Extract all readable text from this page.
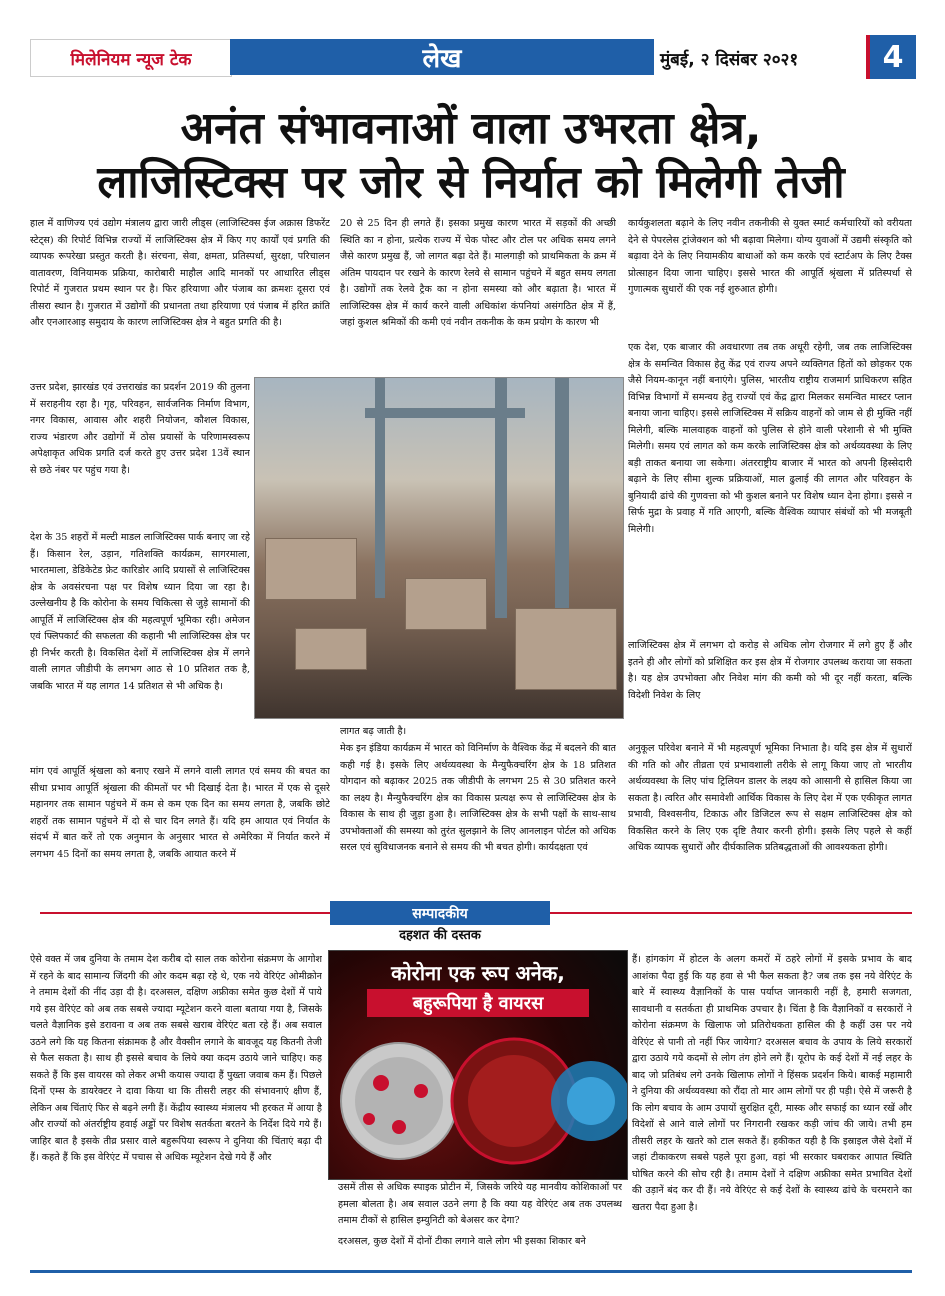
मिलेनियम न्यूज टेक	लेख	मुंबई, २ दिसंबर २०२१	4
अनंत संभावनाओं वाला उभरता क्षेत्र,
लाजिस्टिक्स पर जोर से निर्यात को मिलेगी तेजी

हाल में वाणिज्य एवं उद्योग मंत्रालय द्वारा जारी लीड्स (लाजिस्टिक्स ईज अक्रास डिफरेंट स्टेट्स) की रिपोर्ट विभिन्न राज्यों में लाजिस्टिक्स क्षेत्र में किए गए कार्यों एवं प्रगति की व्यापक रूपरेखा प्रस्तुत करती है। संरचना, सेवा, क्षमता, प्रतिस्पर्धा, सुरक्षा, परिचालन वातावरण, विनियामक प्रक्रिया, कारोबारी माहौल आदि मानकों पर आधारित लीड्स रिपोर्ट में गुजरात प्रथम स्थान पर है। फिर हरियाणा और पंजाब का क्रमशः दूसरा एवं तीसरा स्थान है। गुजरात में उद्योगों की प्रधानता तथा हरियाणा एवं पंजाब में हरित क्रांति और एनआरआइ समुदाय के कारण लाजिस्टिक्स क्षेत्र ने बहुत प्रगति की है।

उत्तर प्रदेश, झारखंड एवं उत्तराखंड का प्रदर्शन 2019 की तुलना में सराहनीय रहा है। गृह, परिवहन, सार्वजनिक निर्माण विभाग, नगर विकास, आवास और शहरी नियोजन, कौशल विकास, राज्य भंडारण और उद्योगों में ठोस प्रयासों के परिणामस्वरूप अपेक्षाकृत अधिक प्रगति दर्ज करते हुए उत्तर प्रदेश 13वें स्थान से छठे नंबर पर पहुंच गया है।

देश के 35 शहरों में मल्टी माडल लाजिस्टिक्स पार्क बनाए जा रहे हैं। किसान रेल, उड़ान, गतिशक्ति कार्यक्रम, सागरमाला, भारतमाला, डेडिकेटेड फ्रेट कारिडोर आदि प्रयासों से लाजिस्टिक्स क्षेत्र के अवसंरचना पक्ष पर विशेष ध्यान दिया जा रहा है। उल्लेखनीय है कि कोरोना के समय चिकित्सा से जुड़े सामानों की आपूर्ति में लाजिस्टिक्स क्षेत्र की महत्वपूर्ण भूमिका रही। अमेजन एवं फ्लिपकार्ट की सफलता की कहानी भी लाजिस्टिक्स क्षेत्र पर ही निर्भर करती है। विकसित देशों में लाजिस्टिक्स क्षेत्र में लगने वाली लागत जीडीपी के लगभग आठ से 10 प्रतिशत तक है, जबकि भारत में यह लागत 14 प्रतिशत से भी अधिक है।

मांग एवं आपूर्ति श्रृंखला को बनाए रखने में लगने वाली लागत एवं समय की बचत का सीधा प्रभाव आपूर्ति श्रृंखला की कीमतों पर भी दिखाई देता है। भारत में एक से दूसरे महानगर तक सामान पहुंचने में कम से कम एक दिन का समय लगता है, जबकि छोटे शहरों तक सामान पहुंचने में दो से चार दिन लगते हैं। यदि हम आयात एवं निर्यात के संदर्भ में बात करें तो एक अनुमान के अनुसार भारत से अमेरिका में निर्यात करने में लगभग 45 दिनों का समय लगता है, जबकि आयात करने में

20 से 25 दिन ही लगते हैं। इसका प्रमुख कारण भारत में सड़कों की अच्छी स्थिति का न होना, प्रत्येक राज्य में चेक पोस्ट और टोल पर अधिक समय लगने जैसे कारण प्रमुख हैं, जो लागत बढ़ा देते हैं। मालगाड़ी को प्राथमिकता के क्रम में अंतिम पायदान पर रखने के कारण रेलवे से सामान पहुंचने में बहुत समय लगता है। उद्योगों तक रेलवे ट्रैक का न होना समस्या को और बढ़ाता है। भारत में लाजिस्टिक्स क्षेत्र में कार्य करने वाली अधिकांश कंपनियां असंगठित क्षेत्र में हैं, जहां कुशल श्रमिकों की कमी एवं नवीन तकनीक के कम प्रयोग के कारण भी

लागत बढ़ जाती है।

मेक इन इंडिया कार्यक्रम में भारत को विनिर्माण के वैश्विक केंद्र में बदलने की बात कही गई है। इसके लिए अर्थव्यवस्था के मैन्युफैक्चरिंग क्षेत्र के 18 प्रतिशत योगदान को बढ़ाकर 2025 तक जीडीपी के लगभग 25 से 30 प्रतिशत करने का लक्ष्य है। मैन्युफैक्चरिंग क्षेत्र का विकास प्रत्यक्ष रूप से लाजिस्टिक्स क्षेत्र के विकास के साथ ही जुड़ा हुआ है। लाजिस्टिक्स क्षेत्र के सभी पक्षों के साथ-साथ उपभोक्ताओं की समस्या को तुरंत सुलझाने के लिए आनलाइन पोर्टल को अधिक सरल एवं सुविधाजनक बनाने से समय की भी बचत होगी। कार्यदक्षता एवं

कार्यकुशलता बढ़ाने के लिए नवीन तकनीकी से युक्त स्मार्ट कर्मचारियों को वरीयता देने से पेपरलेस ट्रांजेक्शन को भी बढ़ावा मिलेगा। योग्य युवाओं में उद्यमी संस्कृति को बढ़ावा देने के लिए नियामकीय बाधाओं को कम करके एवं स्टार्टअप के लिए टैक्स प्रोत्साहन दिया जाना चाहिए। इससे भारत की आपूर्ति श्रृंखला में प्रतिस्पर्धा से गुणात्मक सुधारों की एक नई शुरुआत होगी।

एक देश, एक बाजार की अवधारणा तब तक अधूरी रहेगी, जब तक लाजिस्टिक्स क्षेत्र के समन्वित विकास हेतु केंद्र एवं राज्य अपने व्यक्तिगत हितों को छोड़कर एक जैसे नियम-कानून नहीं बनाएंगे। पुलिस, भारतीय राष्ट्रीय राजमार्ग प्राधिकरण सहित विभिन्न विभागों में समन्वय हेतु राज्यों एवं केंद्र द्वारा मिलकर समन्वित मास्टर प्लान बनाया जाना चाहिए। इससे लाजिस्टिक्स में सक्रिय वाहनों को जाम से ही मुक्ति नहीं मिलेगी, बल्कि मालवाहक वाहनों को पुलिस से होने वाली परेशानी से भी मुक्ति मिलेगी। समय एवं लागत को कम करके लाजिस्टिक्स क्षेत्र को अर्थव्यवस्था के लिए बड़ी ताकत बनाया जा सकेगा। अंतरराष्ट्रीय बाजार में भारत को अपनी हिस्सेदारी बढ़ाने के लिए सीमा शुल्क प्रक्रियाओं, माल ढुलाई की लागत और परिवहन के बुनियादी ढांचे की गुणवत्ता को भी कुशल बनाने पर विशेष ध्यान देना होगा। इससे न सिर्फ मुद्रा के प्रवाह में गति आएगी, बल्कि वैश्विक व्यापार संबंधों को भी मजबूती मिलेगी।

लाजिस्टिक्स क्षेत्र में लगभग दो करोड़ से अधिक लोग रोजगार में लगे हुए हैं और इतने ही और लोगों को प्रशिक्षित कर इस क्षेत्र में रोजगार उपलब्ध कराया जा सकता है। यह क्षेत्र उपभोक्ता और निवेश मांग की कमी को भी दूर नहीं करता, बल्कि विदेशी निवेश के लिए

अनुकूल परिवेश बनाने में भी महत्वपूर्ण भूमिका निभाता है। यदि इस क्षेत्र में सुधारों की गति को और तीव्रता एवं प्रभावशाली तरीके से लागू किया जाए तो भारतीय अर्थव्यवस्था के लिए पांच ट्रिलियन डालर के लक्ष्य को आसानी से हासिल किया जा सकता है। त्वरित और समावेशी आर्थिक विकास के लिए देश में एक एकीकृत लागत प्रभावी, विश्वसनीय, टिकाऊ और डिजिटल रूप से सक्षम लाजिस्टिक्स क्षेत्र को विकसित करने के लिए एक दृष्टि तैयार करनी होगी। इसके लिए पहले से कहीं अधिक व्यापक सुधारों और दीर्घकालिक प्रतिबद्धताओं की आवश्यकता होगी।

सम्पादकीय
दहशत की दस्तक

ऐसे वक्त में जब दुनिया के तमाम देश करीब दो साल तक कोरोना संक्रमण के आगोश में रहने के बाद सामान्य जिंदगी की ओर कदम बढ़ा रहे थे, एक नये वेरिएंट ओमीक्रोन ने तमाम देशों की नींद उड़ा दी है। दरअसल, दक्षिण अफ्रीका समेत कुछ देशों में पाये गये इस वेरिएंट को अब तक सबसे ज्यादा म्यूटेशन करने वाला बताया गया है, जिसके चलते वैज्ञानिक इसे डरावना व अब तक सबसे खराब वेरिएंट बता रहे हैं। अब सवाल उठने लगे कि यह कितना संक्रामक है और वैक्सीन लगाने के बावजूद यह कितनी तेजी से फैल सकता है। साथ ही इससे बचाव के लिये क्या कदम उठाये जाने चाहिए। कह सकते हैं कि इस वायरस को लेकर अभी कयास ज्यादा हैं पुख्ता जवाब कम हैं। पिछले दिनों एम्स के डायरेक्टर ने दावा किया था कि तीसरी लहर की संभावनाएं क्षीण हैं, लेकिन अब चिंताएं फिर से बढ़ने लगी हैं। केंद्रीय स्वास्थ्य मंत्रालय भी हरकत में आया है और राज्यों को अंतर्राष्ट्रीय हवाई अड्डों पर विशेष सतर्कता बरतने के निर्देश दिये गये हैं। जाहिर बात है इसके तीव्र प्रसार वाले बहुरूपिया स्वरूप ने दुनिया की चिंताएं बढ़ा दी हैं। कहते हैं कि इस वेरिएंट में पचास से अधिक म्यूटेशन देखे गये हैं और

कोरोना एक रूप अनेक,
बहुरूपिया है वायरस

उसमें तीस से अधिक स्पाइक प्रोटीन में, जिसके जरिये यह मानवीय कोशिकाओं पर हमला बोलता है। अब सवाल उठने लगा है कि क्या यह वेरिएंट अब तक उपलब्ध तमाम टीकों से हासिल इम्युनिटी को बेअसर कर देगा?

दरअसल, कुछ देशों में दोनों टीका लगाने वाले लोग भी इसका शिकार बने

हैं। हांगकांग में होटल के अलग कमरों में ठहरे लोगों में इसके प्रभाव के बाद आशंका पैदा हुई कि यह हवा से भी फैल सकता है? जब तक इस नये वेरिएंट के बारे में स्वास्थ्य वैज्ञानिकों के पास पर्याप्त जानकारी नहीं है, हमारी सजगता, सावधानी व सतर्कता ही प्राथमिक उपचार है। चिंता है कि वैज्ञानिकों व सरकारों ने कोरोना संक्रमण के खिलाफ जो प्रतिरोधकता हासिल की है कहीं उस पर नये वेरिएंट से पानी तो नहीं फिर जायेगा? दरअसल बचाव के उपाय के लिये सरकारों द्वारा उठाये गये कदमों से लोग तंग होने लगे हैं। यूरोप के कई देशों में नई लहर के बाद जो प्रतिबंध लगे उनके खिलाफ लोगों ने हिंसक प्रदर्शन किये। बाकई महामारी ने दुनिया की अर्थव्यवस्था को रौंदा तो मार आम लोगों पर ही पड़ी। ऐसे में जरूरी है कि लोग बचाव के आम उपायों सुरक्षित दूरी, मास्क और सफाई का ध्यान रखें और विदेशों से आने वाले लोगों पर निगरानी रखकर कड़ी जांच की जाये। तभी हम तीसरी लहर के खतरे को टाल सकते हैं। हकीकत यही है कि इस्राइल जैसे देशों में जहां टीकाकरण सबसे पहले पूरा हुआ, वहां भी सरकार घबराकर आपात स्थिति घोषित करने की सोच रही है। तमाम देशों ने दक्षिण अफ्रीका समेत प्रभावित देशों की उड़ानें बंद कर दी हैं। नये वेरिएंट से कई देशों के स्वास्थ्य ढांचे के चरमराने का खतरा पैदा हुआ है।
